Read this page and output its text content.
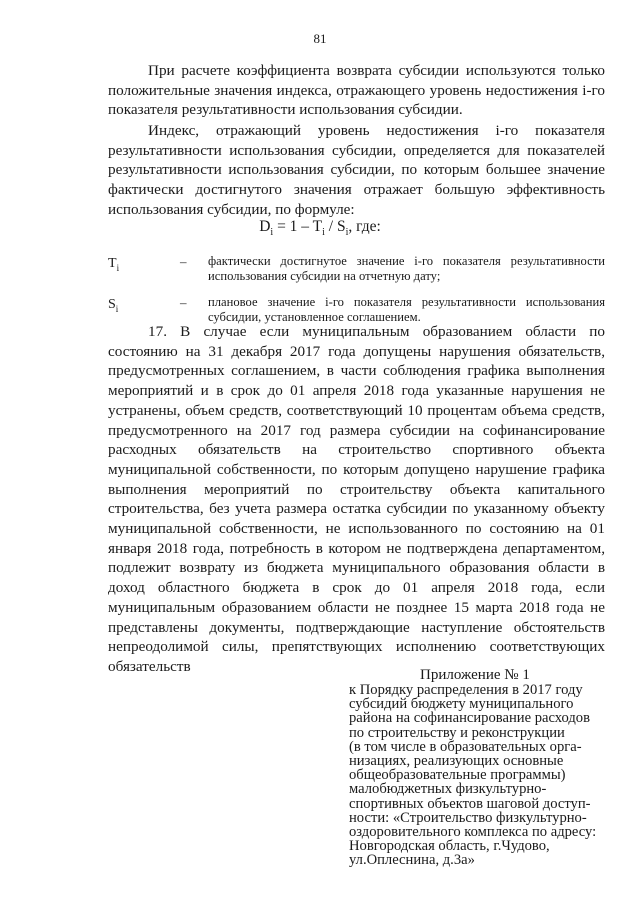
81

При расчете коэффициента возврата субсидии используются только положительные значения индекса, отражающего уровень недостижения i-го показателя результативности использования субсидии.

Индекс, отражающий уровень недостижения i-го показателя результативности использования субсидии, определяется для показателей результативности использования субсидии, по которым большее значение фактически достигнутого значения отражает большую эффективность использования субсидии, по формуле:

$D_i = 1 - T_i / S_i$, где:
$T_i$	–	фактически достигнутое значение i-го показателя результативности использования субсидии на отчетную дату;
$S_i$	–	плановое значение i-го показателя результативности использования субсидии, установленное соглашением.

17. В случае если муниципальным образованием области по состоянию на 31 декабря 2017 года допущены нарушения обязательств, предусмотренных соглашением, в части соблюдения графика выполнения мероприятий и в срок до 01 апреля 2018 года указанные нарушения не устранены, объем средств, соответствующий 10 процентам объема средств, предусмотренного на 2017 год размера субсидии на софинансирование расходных обязательств на строительство спортивного объекта муниципальной собственности, по которым допущено нарушение графика выполнения мероприятий по строительству объекта капитального строительства, без учета размера остатка субсидии по указанному объекту муниципальной собственности, не использованного по состоянию на 01 января 2018 года, потребность в котором не подтверждена департаментом, подлежит возврату из бюджета муниципального образования области в доход областного бюджета в срок до 01 апреля 2018 года, если муниципальным образованием области не позднее 15 марта 2018 года не представлены документы, подтверждающие наступление обстоятельств непреодолимой силы, препятствующих исполнению соответствующих обязательств

Приложение № 1
к Порядку распределения в 2017 году
субсидий бюджету муниципального
района на софинансирование расходов
по строительству и реконструкции
(в том числе в образовательных орга-
низациях, реализующих основные
общеобразовательные программы)
малобюджетных физкультурно-
спортивных объектов шаговой доступ-
ности: «Строительство физкультурно-
оздоровительного комплекса по адресу:
Новгородская область, г.Чудово,
ул.Оплеснина, д.3а»
